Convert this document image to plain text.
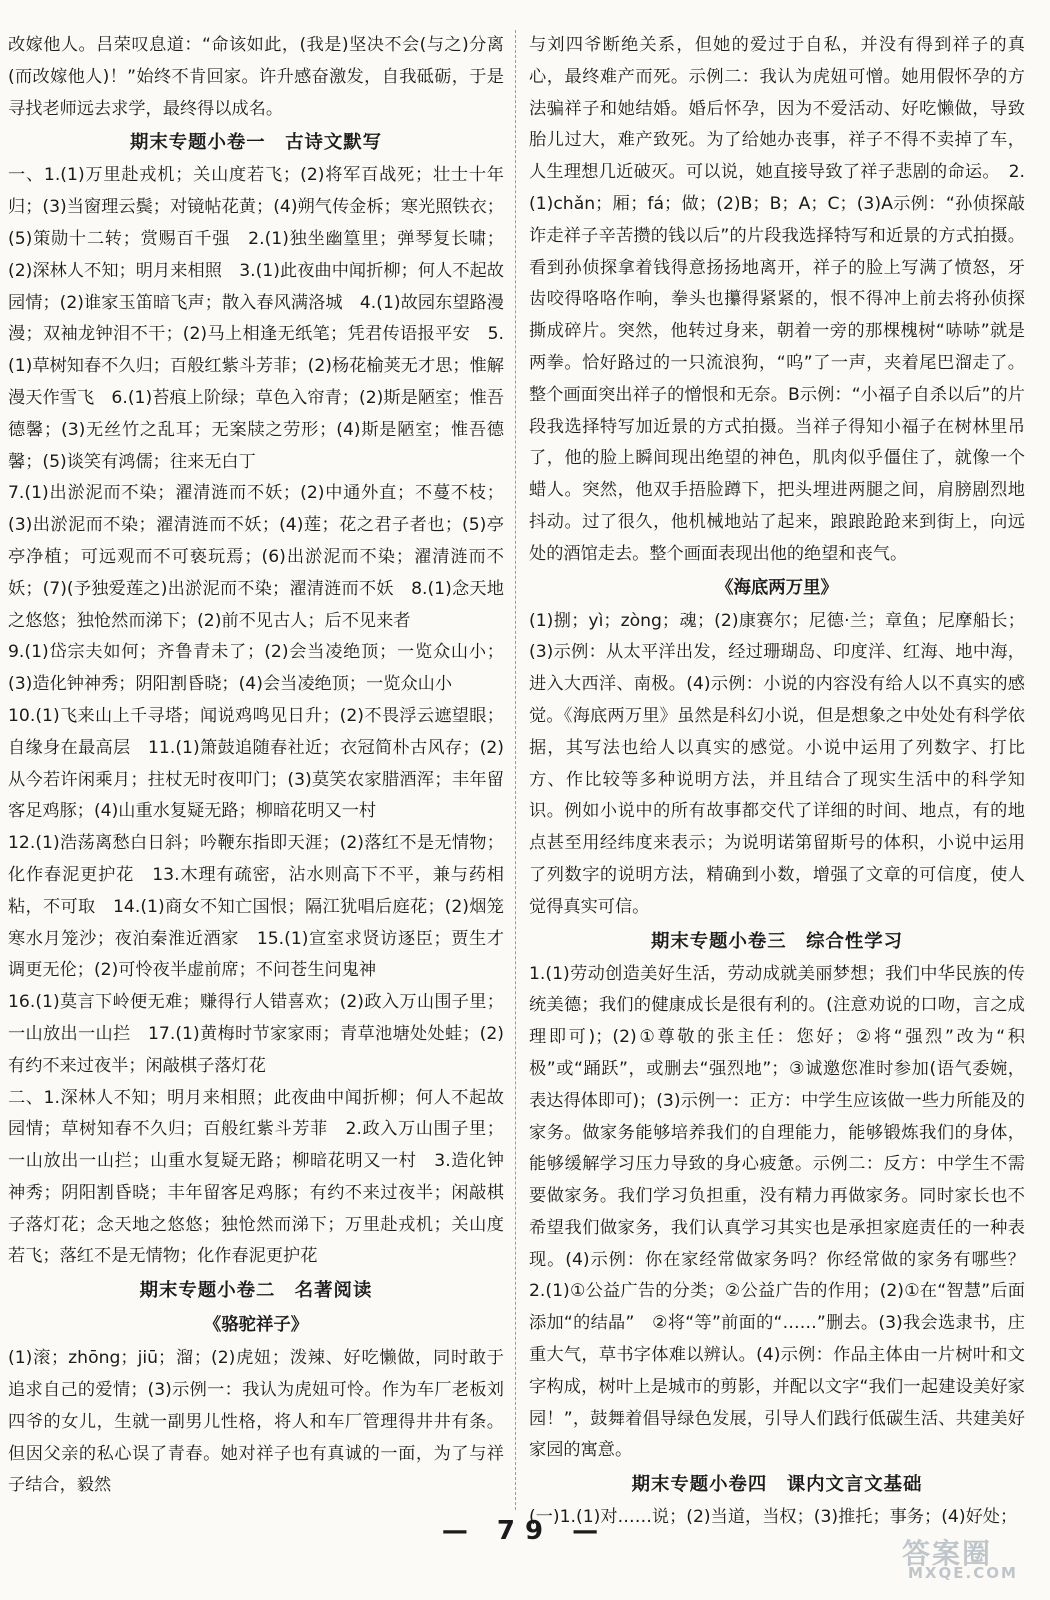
改嫁他人。吕荣叹息道：“命该如此，(我是)坚决不会(与之)分离(而改嫁他人)！”始终不肯回家。许升感奋激发，自我砥砺，于是寻找老师远去求学，最终得以成名。

期末专题小卷一　古诗文默写

一、1.(1)万里赴戎机；关山度若飞；(2)将军百战死；壮士十年归；(3)当窗理云鬓；对镜帖花黄；(4)朔气传金柝；寒光照铁衣；(5)策勋十二转；赏赐百千强　2.(1)独坐幽篁里；弹琴复长啸；(2)深林人不知；明月来相照　3.(1)此夜曲中闻折柳；何人不起故园情；(2)谁家玉笛暗飞声；散入春风满洛城　4.(1)故园东望路漫漫；双袖龙钟泪不干；(2)马上相逢无纸笔；凭君传语报平安　5.(1)草树知春不久归；百般红紫斗芳菲；(2)杨花榆荚无才思；惟解漫天作雪飞　6.(1)苔痕上阶绿；草色入帘青；(2)斯是陋室；惟吾德馨；(3)无丝竹之乱耳；无案牍之劳形；(4)斯是陋室；惟吾德馨；(5)谈笑有鸿儒；往来无白丁

7.(1)出淤泥而不染；濯清涟而不妖；(2)中通外直；不蔓不枝；(3)出淤泥而不染；濯清涟而不妖；(4)莲；花之君子者也；(5)亭亭净植；可远观而不可亵玩焉；(6)出淤泥而不染；濯清涟而不妖；(7)(予独爱莲之)出淤泥而不染；濯清涟而不妖　8.(1)念天地之悠悠；独怆然而涕下；(2)前不见古人；后不见来者

9.(1)岱宗夫如何；齐鲁青未了；(2)会当凌绝顶；一览众山小；(3)造化钟神秀；阴阳割昏晓；(4)会当凌绝顶；一览众山小

10.(1)飞来山上千寻塔；闻说鸡鸣见日升；(2)不畏浮云遮望眼；自缘身在最高层　11.(1)箫鼓追随春社近；衣冠简朴古风存；(2)从今若许闲乘月；拄杖无时夜叩门；(3)莫笑农家腊酒浑；丰年留客足鸡豚；(4)山重水复疑无路；柳暗花明又一村

12.(1)浩荡离愁白日斜；吟鞭东指即天涯；(2)落红不是无情物；化作春泥更护花　13.木理有疏密，沾水则高下不平，兼与药相粘，不可取　14.(1)商女不知亡国恨；隔江犹唱后庭花；(2)烟笼寒水月笼沙；夜泊秦淮近酒家　15.(1)宣室求贤访逐臣；贾生才调更无伦；(2)可怜夜半虚前席；不问苍生问鬼神

16.(1)莫言下岭便无难；赚得行人错喜欢；(2)政入万山围子里；一山放出一山拦　17.(1)黄梅时节家家雨；青草池塘处处蛙；(2)有约不来过夜半；闲敲棋子落灯花

二、1.深林人不知；明月来相照；此夜曲中闻折柳；何人不起故园情；草树知春不久归；百般红紫斗芳菲　2.政入万山围子里；一山放出一山拦；山重水复疑无路；柳暗花明又一村　3.造化钟神秀；阴阳割昏晓；丰年留客足鸡豚；有约不来过夜半；闲敲棋子落灯花；念天地之悠悠；独怆然而涕下；万里赴戎机；关山度若飞；落红不是无情物；化作春泥更护花

期末专题小卷二　名著阅读
《骆驼祥子》

(1)滚；zhōng；jiū；溜；(2)虎妞；泼辣、好吃懒做，同时敢于追求自己的爱情；(3)示例一：我认为虎妞可怜。作为车厂老板刘四爷的女儿，生就一副男儿性格，将人和车厂管理得井井有条。但因父亲的私心误了青春。她对祥子也有真诚的一面，为了与祥子结合，毅然

与刘四爷断绝关系，但她的爱过于自私，并没有得到祥子的真心，最终难产而死。示例二：我认为虎妞可憎。她用假怀孕的方法骗祥子和她结婚。婚后怀孕，因为不爱活动、好吃懒做，导致胎儿过大，难产致死。为了给她办丧事，祥子不得不卖掉了车，人生理想几近破灭。可以说，她直接导致了祥子悲剧的命运。　2.(1)chǎn；厢；fá；做；(2)B；B；A；C；(3)A示例：“孙侦探敲诈走祥子辛苦攒的钱以后”的片段我选择特写和近景的方式拍摄。看到孙侦探拿着钱得意扬扬地离开，祥子的脸上写满了愤怒，牙齿咬得咯咯作响，拳头也攥得紧紧的，恨不得冲上前去将孙侦探撕成碎片。突然，他转过身来，朝着一旁的那棵槐树“哧哧”就是两拳。恰好路过的一只流浪狗，“呜”了一声，夹着尾巴溜走了。整个画面突出祥子的憎恨和无奈。B示例：“小福子自杀以后”的片段我选择特写加近景的方式拍摄。当祥子得知小福子在树林里吊了，他的脸上瞬间现出绝望的神色，肌肉似乎僵住了，就像一个蜡人。突然，他双手捂脸蹲下，把头埋进两腿之间，肩膀剧烈地抖动。过了很久，他机械地站了起来，踉踉跄跄来到街上，向远处的酒馆走去。整个画面表现出他的绝望和丧气。

《海底两万里》

(1)捌；yì；zòng；魂；(2)康赛尔；尼德·兰；章鱼；尼摩船长；(3)示例：从太平洋出发，经过珊瑚岛、印度洋、红海、地中海，进入大西洋、南极。(4)示例：小说的内容没有给人以不真实的感觉。《海底两万里》虽然是科幻小说，但是想象之中处处有科学依据，其写法也给人以真实的感觉。小说中运用了列数字、打比方、作比较等多种说明方法，并且结合了现实生活中的科学知识。例如小说中的所有故事都交代了详细的时间、地点，有的地点甚至用经纬度来表示；为说明诺第留斯号的体积，小说中运用了列数字的说明方法，精确到小数，增强了文章的可信度，使人觉得真实可信。

期末专题小卷三　综合性学习

1.(1)劳动创造美好生活，劳动成就美丽梦想；我们中华民族的传统美德；我们的健康成长是很有利的。(注意劝说的口吻，言之成理即可)；(2)①尊敬的张主任：您好；②将“强烈”改为“积极”或“踊跃”，或删去“强烈地”；③诚邀您准时参加(语气委婉，表达得体即可)；(3)示例一：正方：中学生应该做一些力所能及的家务。做家务能够培养我们的自理能力，能够锻炼我们的身体，能够缓解学习压力导致的身心疲惫。示例二：反方：中学生不需要做家务。我们学习负担重，没有精力再做家务。同时家长也不希望我们做家务，我们认真学习其实也是承担家庭责任的一种表现。(4)示例：你在家经常做家务吗？你经常做的家务有哪些？　2.(1)①公益广告的分类；②公益广告的作用；(2)①在“智慧”后面添加“的结晶”　②将“等”前面的“……”删去。(3)我会选隶书，庄重大气，草书字体难以辨认。(4)示例：作品主体由一片树叶和文字构成，树叶上是城市的剪影，并配以文字“我们一起建设美好家园！”，鼓舞着倡导绿色发展，引导人们践行低碳生活、共建美好家园的寓意。

期末专题小卷四　课内文言文基础

(一)1.(1)对……说；(2)当道，当权；(3)推托；事务；(4)好处；

— 79 —
答案圈
MXQE.COM
